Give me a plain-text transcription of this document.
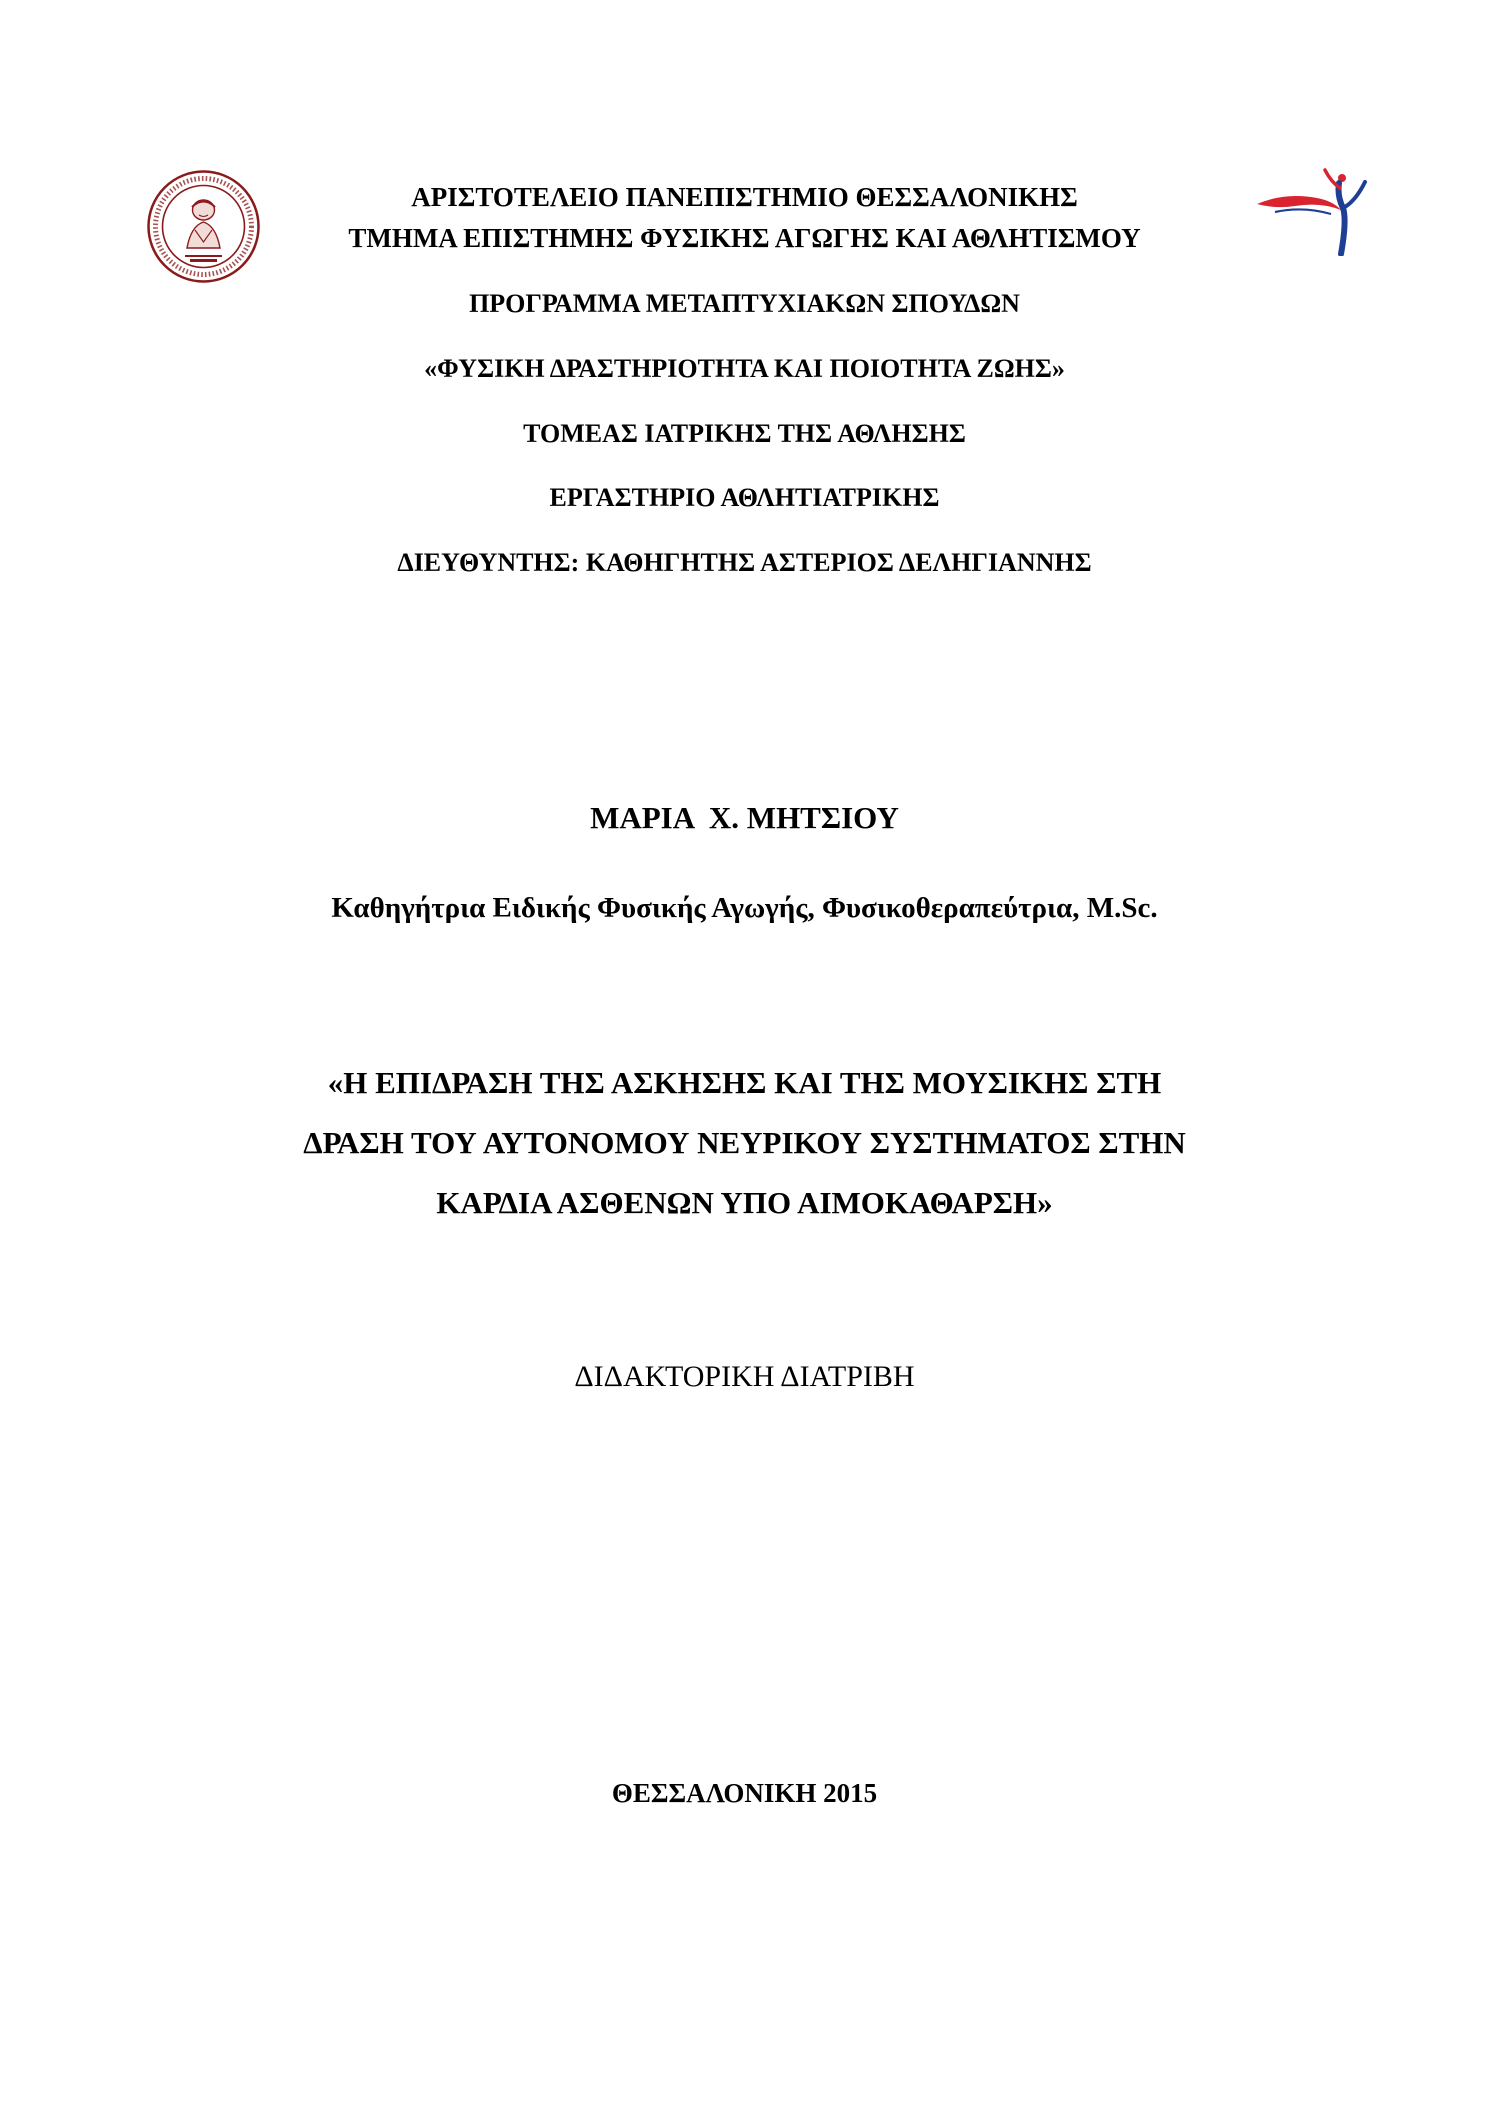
ΑΡΙΣΤΟΤΕΛΕΙΟ ΠΑΝΕΠΙΣΤΗΜΙΟ ΘΕΣΣΑΛΟΝΙΚΗΣ
ΤΜΗΜΑ ΕΠΙΣΤΗΜΗΣ ΦΥΣΙΚΗΣ ΑΓΩΓΗΣ ΚΑΙ ΑΘΛΗΤΙΣΜΟΥ
ΠΡΟΓΡΑΜΜΑ ΜΕΤΑΠΤΥΧΙΑΚΩΝ ΣΠΟΥΔΩΝ
«ΦΥΣΙΚΗ ΔΡΑΣΤΗΡΙΟΤΗΤΑ ΚΑΙ ΠΟΙΟΤΗΤΑ ΖΩΗΣ»
ΤΟΜΕΑΣ ΙΑΤΡΙΚΗΣ ΤΗΣ ΑΘΛΗΣΗΣ
ΕΡΓΑΣΤΗΡΙΟ ΑΘΛΗΤΙΑΤΡΙΚΗΣ
ΔΙΕΥΘΥΝΤΗΣ: ΚΑΘΗΓΗΤΗΣ ΑΣΤΕΡΙΟΣ ΔΕΛΗΓΙΑΝΝΗΣ
ΜΑΡΙΑ  Χ. ΜΗΤΣΙΟΥ
Καθηγήτρια Ειδικής Φυσικής Αγωγής, Φυσικοθεραπεύτρια, M.Sc.
«Η ΕΠΙΔΡΑΣΗ ΤΗΣ ΑΣΚΗΣΗΣ ΚΑΙ ΤΗΣ ΜΟΥΣΙΚΗΣ ΣΤΗ
ΔΡΑΣΗ ΤΟΥ ΑΥΤΟΝΟΜΟΥ ΝΕΥΡΙΚΟΥ ΣΥΣΤΗΜΑΤΟΣ ΣΤΗΝ
ΚΑΡΔΙΑ ΑΣΘΕΝΩΝ ΥΠΟ ΑΙΜΟΚΑΘΑΡΣΗ»
ΔΙΔΑΚΤΟΡΙΚΗ ΔΙΑΤΡΙΒΗ
ΘΕΣΣΑΛΟΝΙΚΗ 2015
